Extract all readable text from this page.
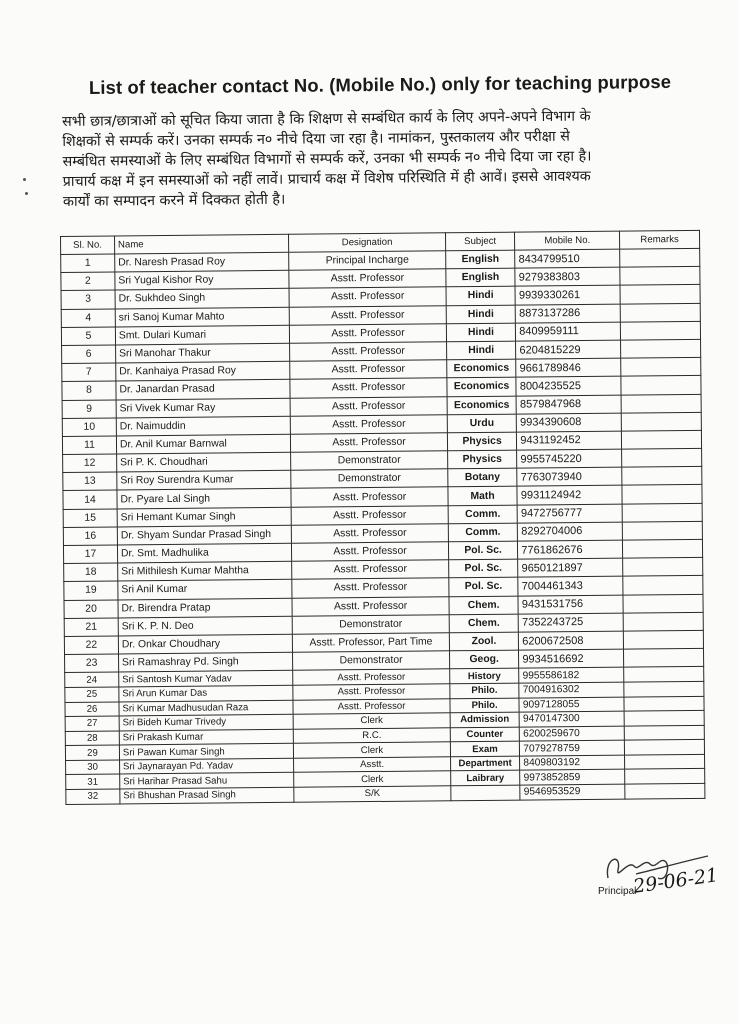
List of teacher contact No. (Mobile No.) only for teaching purpose
सभी छात्र/छात्राओं को सूचित किया जाता है कि शिक्षण से सम्बंधित कार्य के लिए अपने-अपने विभाग के
शिक्षकों से सम्पर्क करें। उनका सम्पर्क न० नीचे दिया जा रहा है। नामांकन, पुस्तकालय और परीक्षा से
सम्बंधित समस्याओं के लिए सम्बंधित विभागों से सम्पर्क करें, उनका भी सम्पर्क न० नीचे दिया जा रहा है।
प्राचार्य कक्ष में इन समस्याओं को नहीं लावें। प्राचार्य कक्ष में विशेष परिस्थिति में ही आवें। इससे आवश्यक
कार्यों का सम्पादन करने में दिक्कत होती है।
Sl. No.	Name	Designation	Subject	Mobile No.	Remarks
1	Dr. Naresh Prasad Roy	Principal Incharge	English	8434799510	
2	Sri Yugal Kishor Roy	Asstt. Professor	English	9279383803	
3	Dr. Sukhdeo Singh	Asstt. Professor	Hindi	9939330261	
4	sri Sanoj Kumar Mahto	Asstt. Professor	Hindi	8873137286	
5	Smt. Dulari Kumari	Asstt. Professor	Hindi	8409959111	
6	Sri Manohar Thakur	Asstt. Professor	Hindi	6204815229	
7	Dr. Kanhaiya Prasad Roy	Asstt. Professor	Economics	9661789846	
8	Dr. Janardan Prasad	Asstt. Professor	Economics	8004235525	
9	Sri Vivek Kumar Ray	Asstt. Professor	Economics	8579847968	
10	Dr. Naimuddin	Asstt. Professor	Urdu	9934390608	
11	Dr. Anil Kumar Barnwal	Asstt. Professor	Physics	9431192452	
12	Sri P. K. Choudhari	Demonstrator	Physics	9955745220	
13	Sri Roy Surendra Kumar	Demonstrator	Botany	7763073940	
14	Dr. Pyare Lal Singh	Asstt. Professor	Math	9931124942	
15	Sri Hemant Kumar Singh	Asstt. Professor	Comm.	9472756777	
16	Dr. Shyam Sundar Prasad Singh	Asstt. Professor	Comm.	8292704006	
17	Dr. Smt. Madhulika	Asstt. Professor	Pol. Sc.	7761862676	
18	Sri Mithilesh Kumar Mahtha	Asstt. Professor	Pol. Sc.	9650121897	
19	Sri Anil Kumar	Asstt. Professor	Pol. Sc.	7004461343	
20	Dr. Birendra Pratap	Asstt. Professor	Chem.	9431531756	
21	Sri K. P. N. Deo	Demonstrator	Chem.	7352243725	
22	Dr. Onkar Choudhary	Asstt. Professor, Part Time	Zool.	6200672508	
23	Sri Ramashray Pd. Singh	Demonstrator	Geog.	9934516692	
24	Sri Santosh Kumar Yadav	Asstt. Professor	History	9955586182	
25	Sri Arun Kumar Das	Asstt. Professor	Philo.	7004916302	
26	Sri Kumar Madhusudan Raza	Asstt. Professor	Philo.	9097128055	
27	Sri Bideh Kumar Trivedy	Clerk	Admission	9470147300	
28	Sri Prakash Kumar	R.C.	Counter	6200259670	
29	Sri Pawan Kumar Singh	Clerk	Exam	7079278759	
30	Sri Jaynarayan Pd. Yadav	Asstt.	Department	8409803192	
31	Sri Harihar Prasad Sahu	Clerk	Laibrary	9973852859	
32	Sri Bhushan Prasad Singh	S/K		9546953529	
Principal
29-06-21
